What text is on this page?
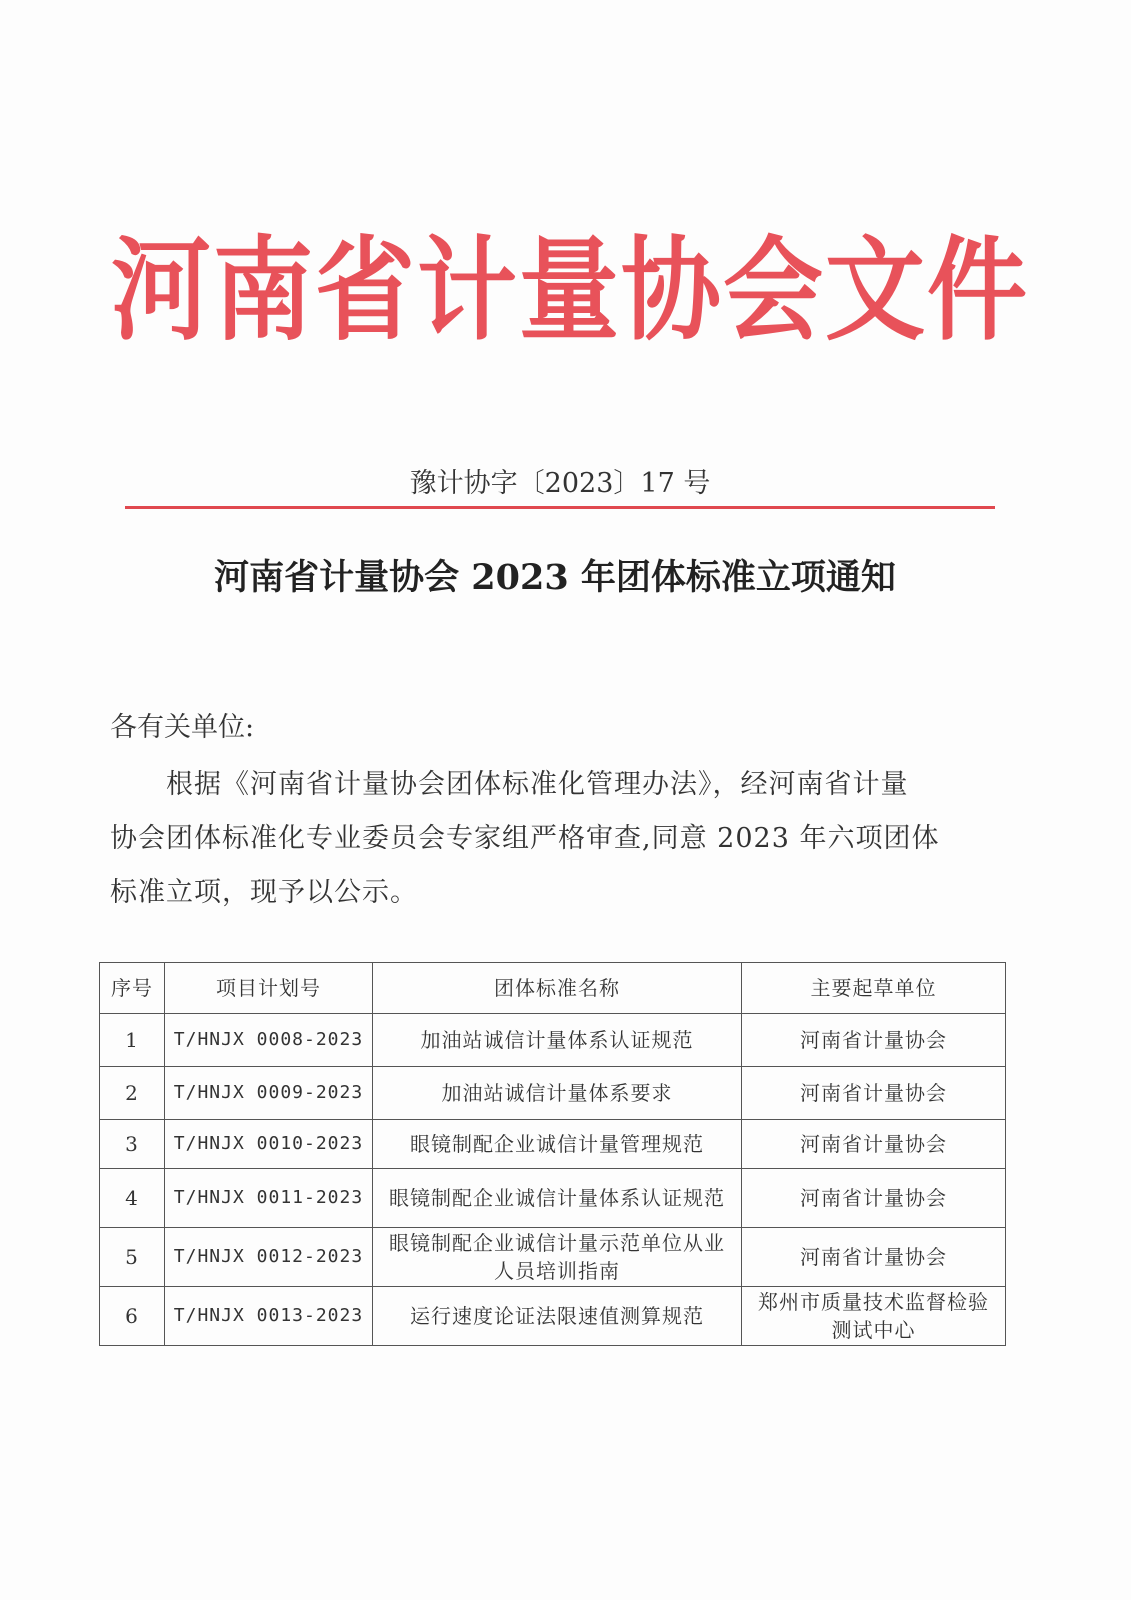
河南省计量协会文件
豫计协字〔2023〕17 号
河南省计量协会 2023 年团体标准立项通知
各有关单位:
根据《河南省计量协会团体标准化管理办法》，经河南省计量
协会团体标准化专业委员会专家组严格审查,同意 2023 年六项团体
标准立项，现予以公示。
序号	项目计划号	团体标准名称	主要起草单位
1	T/HNJX 0008-2023	加油站诚信计量体系认证规范	河南省计量协会
2	T/HNJX 0009-2023	加油站诚信计量体系要求	河南省计量协会
3	T/HNJX 0010-2023	眼镜制配企业诚信计量管理规范	河南省计量协会
4	T/HNJX 0011-2023	眼镜制配企业诚信计量体系认证规范	河南省计量协会
5	T/HNJX 0012-2023	眼镜制配企业诚信计量示范单位从业人员培训指南	河南省计量协会
6	T/HNJX 0013-2023	运行速度论证法限速值测算规范	郑州市质量技术监督检验测试中心
